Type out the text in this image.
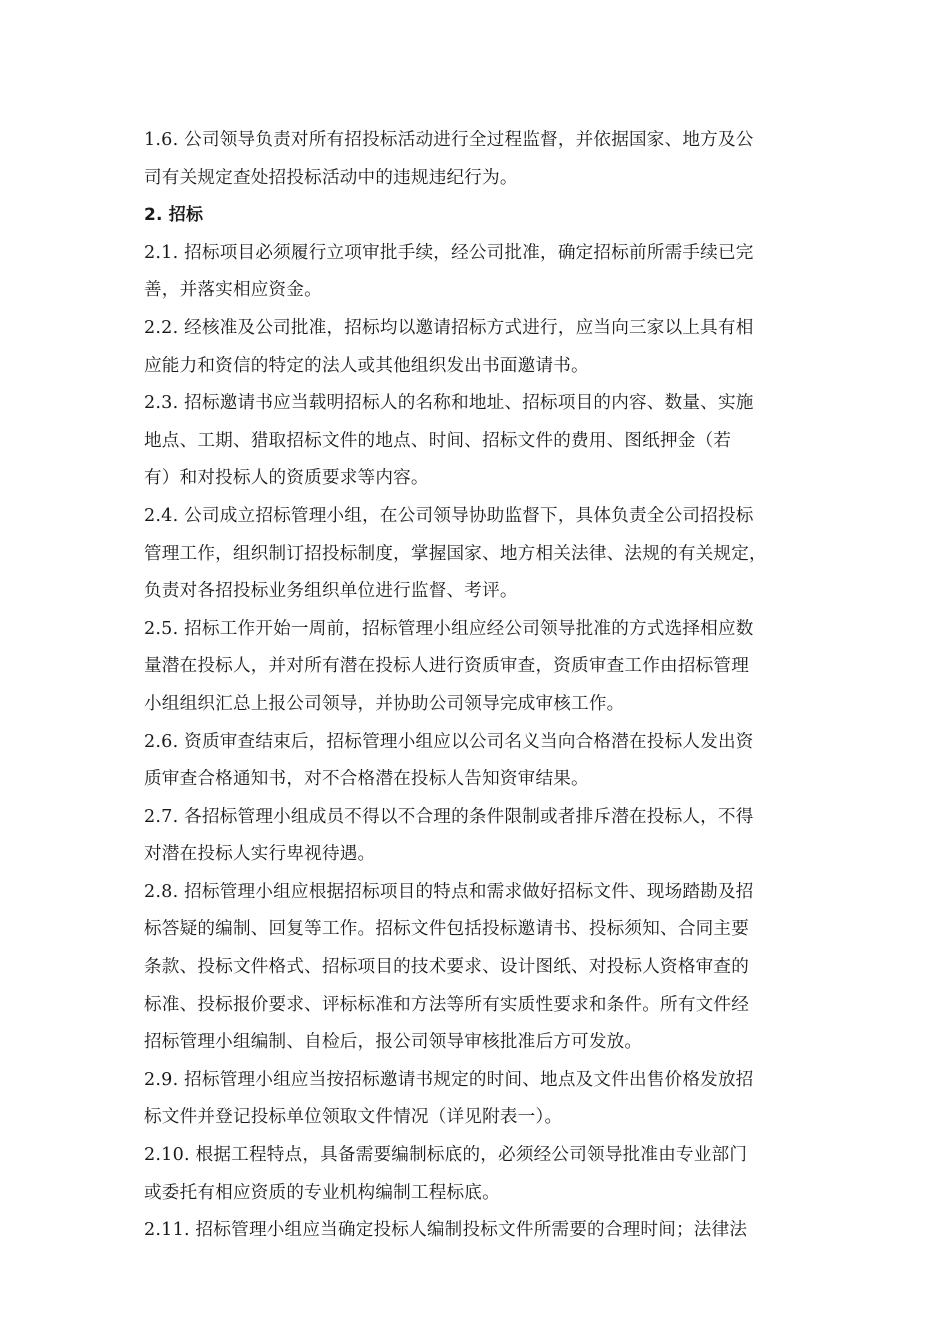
1.6. 公司领导负责对所有招投标活动进行全过程监督，并依据国家、地方及公
司有关规定查处招投标活动中的违规违纪行为。
2. 招标
2.1. 招标项目必须履行立项审批手续，经公司批准，确定招标前所需手续已完
善，并落实相应资金。
2.2. 经核准及公司批准，招标均以邀请招标方式进行，应当向三家以上具有相
应能力和资信的特定的法人或其他组织发出书面邀请书。
2.3. 招标邀请书应当载明招标人的名称和地址、招标项目的内容、数量、实施
地点、工期、猎取招标文件的地点、时间、招标文件的费用、图纸押金（若
有）和对投标人的资质要求等内容。
2.4. 公司成立招标管理小组，在公司领导协助监督下，具体负责全公司招投标
管理工作，组织制订招投标制度，掌握国家、地方相关法律、法规的有关规定，
负责对各招投标业务组织单位进行监督、考评。
2.5. 招标工作开始一周前，招标管理小组应经公司领导批准的方式选择相应数
量潜在投标人，并对所有潜在投标人进行资质审查，资质审查工作由招标管理
小组组织汇总上报公司领导，并协助公司领导完成审核工作。
2.6. 资质审查结束后，招标管理小组应以公司名义当向合格潜在投标人发出资
质审查合格通知书，对不合格潜在投标人告知资审结果。
2.7. 各招标管理小组成员不得以不合理的条件限制或者排斥潜在投标人，不得
对潜在投标人实行卑视待遇。
2.8. 招标管理小组应根据招标项目的特点和需求做好招标文件、现场踏勘及招
标答疑的编制、回复等工作。招标文件包括投标邀请书、投标须知、合同主要
条款、投标文件格式、招标项目的技术要求、设计图纸、对投标人资格审查的
标准、投标报价要求、评标标准和方法等所有实质性要求和条件。所有文件经
招标管理小组编制、自检后，报公司领导审核批准后方可发放。
2.9. 招标管理小组应当按招标邀请书规定的时间、地点及文件出售价格发放招
标文件并登记投标单位领取文件情况（详见附表一）。
2.10. 根据工程特点，具备需要编制标底的，必须经公司领导批准由专业部门
或委托有相应资质的专业机构编制工程标底。
2.11. 招标管理小组应当确定投标人编制投标文件所需要的合理时间；法律法
